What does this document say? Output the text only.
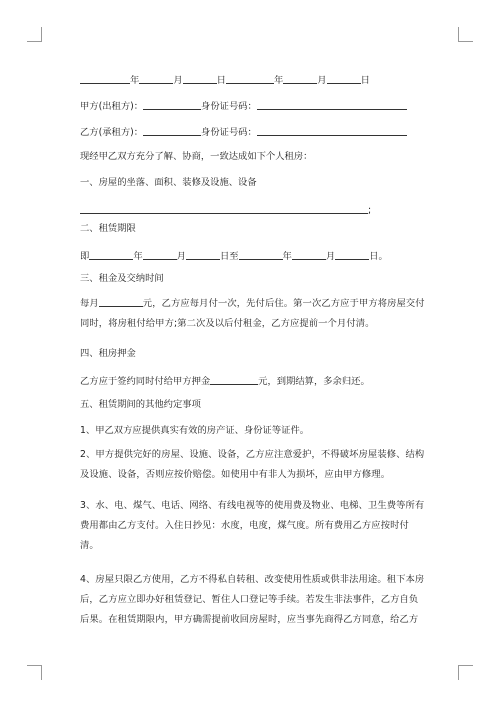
年	月	日	年	月	日
甲方(出租方)：	身份证号码：
乙方(承租方)：	身份证号码：
现经甲乙双方充分了解、协商，一致达成如下个人租房：
一、房屋的坐落、面积、装修及设施、设备
;
二、租赁期限
即	年	月	日至	年	月	日。
三、租金及交纳时间
每月	元，乙方应每月付一次，先付后住。第一次乙方应于甲方将房屋交付同时，将房租付给甲方;第二次及以后付租金，乙方应提前一个月付清。
四、租房押金
乙方应于签约同时付给甲方押金	元，到期结算，多余归还。
五、租赁期间的其他约定事项
1、甲乙双方应提供真实有效的房产证、身份证等证件。
2、甲方提供完好的房屋、设施、设备，乙方应注意爱护，不得破坏房屋装修、结构及设施、设备，否则应按价赔偿。如使用中有非人为损坏，应由甲方修理。
3、水、电、煤气、电话、网络、有线电视等的使用费及物业、电梯、卫生费等所有费用都由乙方支付。入住日抄见：水度，电度，煤气度。所有费用乙方应按时付清。
4、房屋只限乙方使用，乙方不得私自转租、改变使用性质或供非法用途。租下本房后，乙方应立即办好租赁登记、暂住人口登记等手续。若发生非法事件，乙方自负后果。在租赁期限内，甲方确需提前收回房屋时，应当事先商得乙方同意，给乙方
